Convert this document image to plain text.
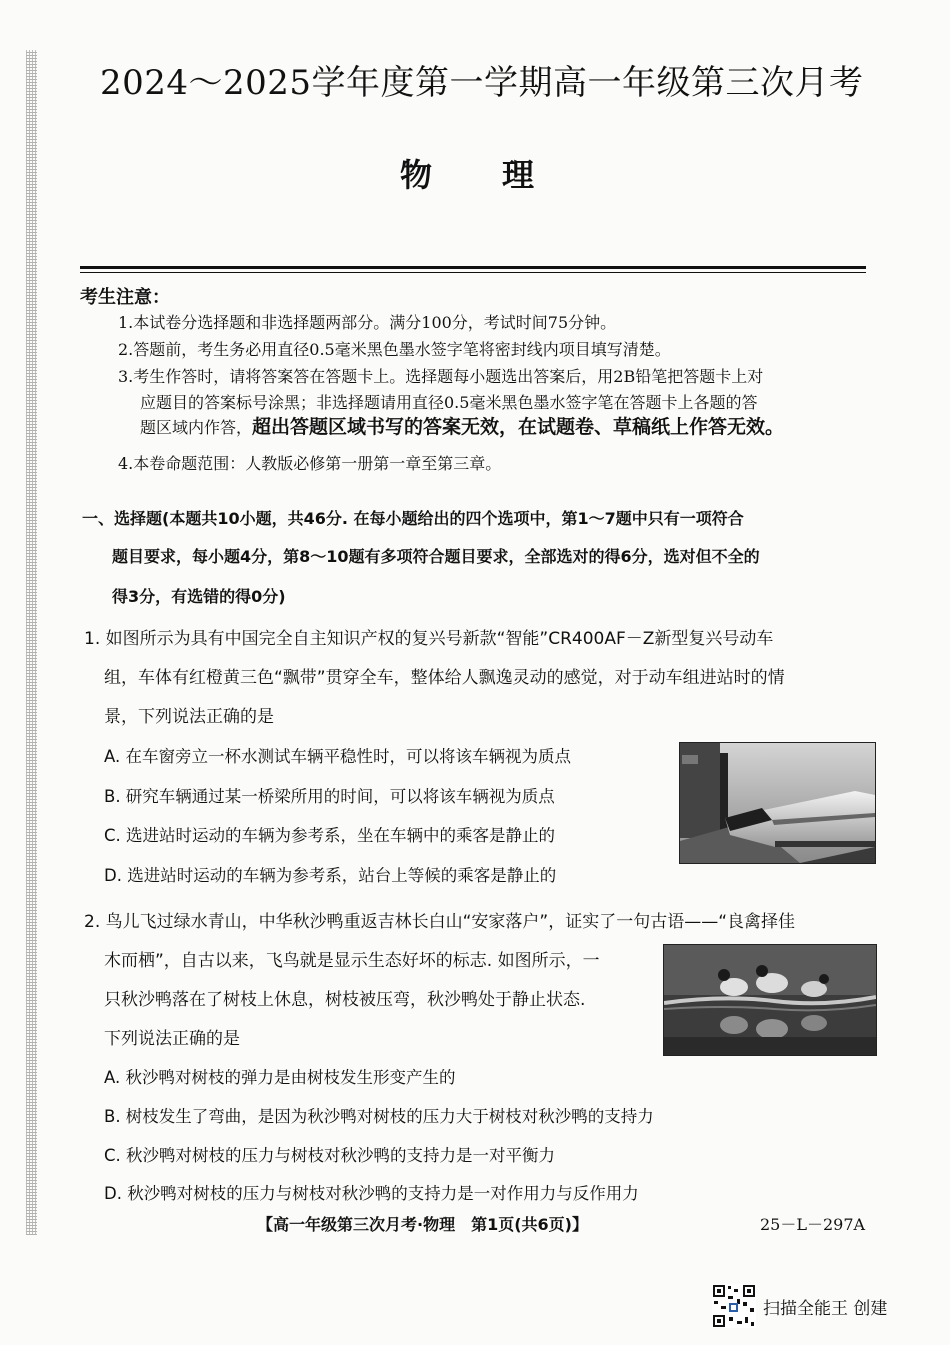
2024～2025学年度第一学期高一年级第三次月考
物理
考生注意：
1.本试卷分选择题和非选择题两部分。满分100分，考试时间75分钟。
2.答题前，考生务必用直径0.5毫米黑色墨水签字笔将密封线内项目填写清楚。
3.考生作答时，请将答案答在答题卡上。选择题每小题选出答案后，用2B铅笔把答题卡上对
应题目的答案标号涂黑；非选择题请用直径0.5毫米黑色墨水签字笔在答题卡上各题的答
题区域内作答，超出答题区域书写的答案无效，在试题卷、草稿纸上作答无效。
4.本卷命题范围：人教版必修第一册第一章至第三章。
一、选择题(本题共10小题，共46分. 在每小题给出的四个选项中，第1～7题中只有一项符合
题目要求，每小题4分，第8～10题有多项符合题目要求，全部选对的得6分，选对但不全的
得3分，有选错的得0分)
1. 如图所示为具有中国完全自主知识产权的复兴号新款“智能”CR400AF－Z新型复兴号动车
组，车体有红橙黄三色“飘带”贯穿全车，整体给人飘逸灵动的感觉，对于动车组进站时的情
景，下列说法正确的是
A. 在车窗旁立一杯水测试车辆平稳性时，可以将该车辆视为质点
B. 研究车辆通过某一桥梁所用的时间，可以将该车辆视为质点
C. 选进站时运动的车辆为参考系，坐在车辆中的乘客是静止的
D. 选进站时运动的车辆为参考系，站台上等候的乘客是静止的
2. 鸟儿飞过绿水青山，中华秋沙鸭重返吉林长白山“安家落户”，证实了一句古语——“良禽择佳
木而栖”，自古以来，飞鸟就是显示生态好坏的标志. 如图所示，一
只秋沙鸭落在了树枝上休息，树枝被压弯，秋沙鸭处于静止状态.
下列说法正确的是
A. 秋沙鸭对树枝的弹力是由树枝发生形变产生的
B. 树枝发生了弯曲，是因为秋沙鸭对树枝的压力大于树枝对秋沙鸭的支持力
C. 秋沙鸭对树枝的压力与树枝对秋沙鸭的支持力是一对平衡力
D. 秋沙鸭对树枝的压力与树枝对秋沙鸭的支持力是一对作用力与反作用力
【高一年级第三次月考·物理　第1页(共6页)】	25－L－297A
扫描全能王 创建
